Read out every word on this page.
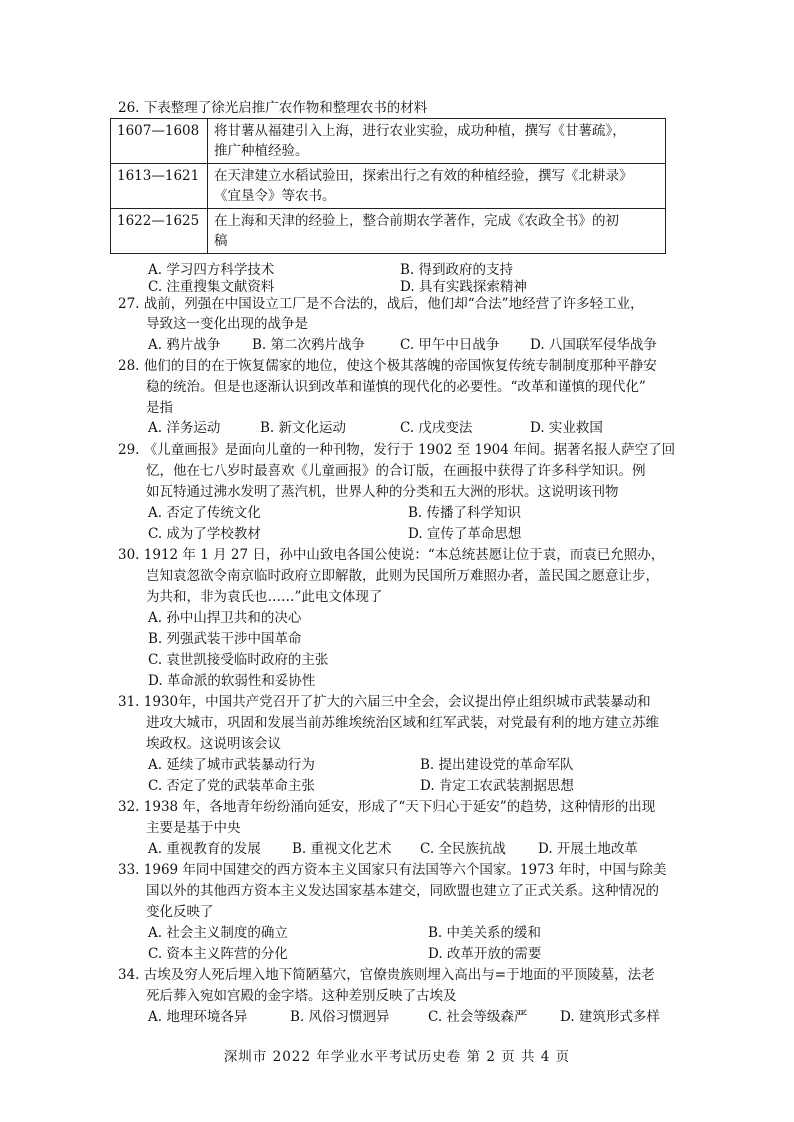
26. 下表整理了徐光启推广农作物和整理农书的材料
1607—1608	将甘薯从福建引入上海，进行农业实验，成功种植，撰写《甘薯疏》，
推广种植经验。
1613—1621	在天津建立水稻试验田，探索出行之有效的种植经验，撰写《北耕录》
《宜垦令》等农书。
1622—1625	在上海和天津的经验上，整合前期农学著作，完成《农政全书》的初
稿
A. 学习四方科学技术	B. 得到政府的支持
C. 注重搜集文献资料	D. 具有实践探索精神
27. 战前，列强在中国设立工厂是不合法的，战后，他们却“合法”地经营了许多轻工业，
导致这一变化出现的战争是
A. 鸦片战争 B. 第二次鸦片战争	C. 甲午中日战争 D. 八国联军侵华战争
28. 他们的目的在于恢复儒家的地位，使这个极其落魄的帝国恢复传统专制制度那种平静安
稳的统治。但是也逐渐认识到改革和谨慎的现代化的必要性。“改革和谨慎的现代化”
是指
A. 洋务运动	B. 新文化运动	C. 戊戌变法	D. 实业救国
29. 《儿童画报》是面向儿童的一种刊物，发行于 1902 至 1904 年间。据著名报人萨空了回
忆，他在七八岁时最喜欢《儿童画报》的合订版，在画报中获得了许多科学知识。例
如瓦特通过沸水发明了蒸汽机，世界人种的分类和五大洲的形状。这说明该刊物
A. 否定了传统文化	B. 传播了科学知识
C. 成为了学校教材	D. 宣传了革命思想
30. 1912 年 1 月 27 日，孙中山致电各国公使说：“本总统甚愿让位于袁，而袁已允照办，
岂知袁忽欲令南京临时政府立即解散，此则为民国所万难照办者，盖民国之愿意让步，
为共和，非为袁氏也……”此电文体现了
A. 孙中山捍卫共和的决心
B. 列强武装干涉中国革命
C. 袁世凯接受临时政府的主张
D. 革命派的软弱性和妥协性
31. 1930年，中国共产党召开了扩大的六届三中全会，会议提出停止组织城市武装暴动和
进攻大城市，巩固和发展当前苏维埃统治区域和红军武装，对党最有利的地方建立苏维
埃政权。这说明该会议
A. 延续了城市武装暴动行为	B. 提出建设党的革命军队
C. 否定了党的武装革命主张	D. 肯定工农武装割据思想
32. 1938 年，各地青年纷纷涌向延安，形成了“天下归心于延安”的趋势，这种情形的出现
主要是基于中央
A. 重视教育的发展 B. 重视文化艺术 C. 全民族抗战 D. 开展土地改革
33. 1969 年同中国建交的西方资本主义国家只有法国等六个国家。1973 年时，中国与除美
国以外的其他西方资本主义发达国家基本建交，同欧盟也建立了正式关系。这种情况的
变化反映了
A. 社会主义制度的确立	B. 中美关系的缓和
C. 资本主义阵营的分化	D. 改革开放的需要
34. 古埃及穷人死后埋入地下简陋墓穴，官僚贵族则埋入高出与=于地面的平顶陵墓，法老
死后葬入宛如宫殿的金字塔。这种差别反映了古埃及
A. 地理环境各异	B. 风俗习惯迥异	C. 社会等级森严 D. 建筑形式多样
深圳市 2022 年学业水平考试历史卷 第 2 页 共 4 页
